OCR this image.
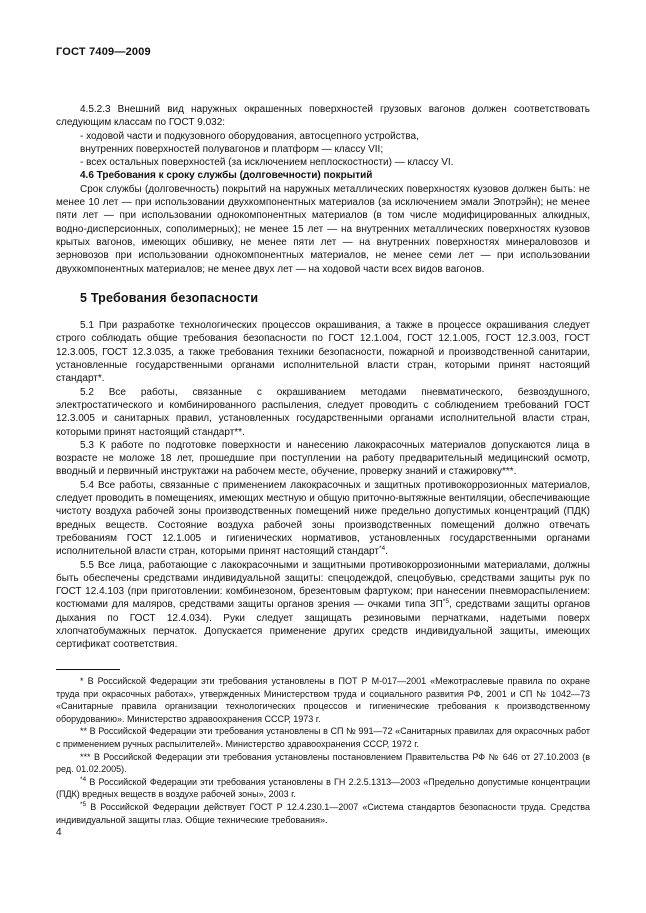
ГОСТ 7409—2009

4.5.2.3 Внешний вид наружных окрашенных поверхностей грузовых вагонов должен соответствовать следующим классам по ГОСТ 9.032:

- ходовой части и подкузовного оборудования, автосцепного устройства,

внутренних поверхностей полувагонов и платформ — классу VII;

- всех остальных поверхностей (за исключением неплоскостности) — классу VI.

4.6 Требования к сроку службы (долговечности) покрытий

Срок службы (долговечность) покрытий на наружных металлических поверхностях кузовов должен быть: не менее 10 лет — при использовании двухкомпонентных материалов (за исключением эмали Эпотрэйн); не менее пяти лет — при использовании однокомпонентных материалов (в том числе модифицированных алкидных, водно-дисперсионных, сополимерных); не менее 15 лет — на внутренних металлических поверхностях кузовов крытых вагонов, имеющих обшивку, не менее пяти лет — на внутренних поверхностях минераловозов и зерновозов при использовании однокомпонентных материалов, не менее семи лет — при использовании двухкомпонентных материалов; не менее двух лет — на ходовой части всех видов вагонов.

5 Требования безопасности

5.1 При разработке технологических процессов окрашивания, а также в процессе окрашивания следует строго соблюдать общие требования безопасности по ГОСТ 12.1.004, ГОСТ 12.1.005, ГОСТ 12.3.003, ГОСТ 12.3.005, ГОСТ 12.3.035, а также требования техники безопасности, пожарной и производственной санитарии, установленные государственными органами исполнительной власти стран, которыми принят настоящий стандарт*.

5.2 Все работы, связанные с окрашиванием методами пневматического, безвоздушного, электростатического и комбинированного распыления, следует проводить с соблюдением требований ГОСТ 12.3.005 и санитарных правил, установленных государственными органами исполнительной власти стран, которыми принят настоящий стандарт**.

5.3 К работе по подготовке поверхности и нанесению лакокрасочных материалов допускаются лица в возрасте не моложе 18 лет, прошедшие при поступлении на работу предварительный медицинский осмотр, вводный и первичный инструктажи на рабочем месте, обучение, проверку знаний и стажировку***.

5.4 Все работы, связанные с применением лакокрасочных и защитных противокоррозионных материалов, следует проводить в помещениях, имеющих местную и общую приточно-вытяжные вентиляции, обеспечивающие чистоту воздуха рабочей зоны производственных помещений ниже предельно допустимых концентраций (ПДК) вредных веществ. Состояние воздуха рабочей зоны производственных помещений должно отвечать требованиям ГОСТ 12.1.005 и гигиенических нормативов, установленных государственными органами исполнительной власти стран, которыми принят настоящий стандарт$^{*4}$.

5.5 Все лица, работающие с лакокрасочными и защитными противокоррозионными материалами, должны быть обеспечены средствами индивидуальной защиты: спецодеждой, спецобувью, средствами защиты рук по ГОСТ 12.4.103 (при приготовлении: комбинезоном, брезентовым фартуком; при нанесении пневмораспылением: костюмами для маляров, средствами защиты органов зрения — очками типа ЗП$^{*5}$, средствами защиты органов дыхания по ГОСТ 12.4.034). Руки следует защищать резиновыми перчатками, надетыми поверх хлопчатобумажных перчаток. Допускается применение других средств индивидуальной защиты, имеющих сертификат соответствия.

* В Российской Федерации эти требования установлены в ПОТ Р М-017—2001 «Межотраслевые правила по охране труда при окрасочных работах», утвержденных Министерством труда и социального развития РФ, 2001 и СП № 1042—73 «Санитарные правила организации технологических процессов и гигиенические требования к производственному оборудованию». Министерство здравоохранения СССР, 1973 г.

** В Российской Федерации эти требования установлены в СП № 991—72 «Санитарных правилах для окрасочных работ с применением ручных распылителей». Министерство здравоохранения СССР, 1972 г.

*** В Российской Федерации эти требования установлены постановлением Правительства РФ № 646 от 27.10.2003 (в ред. 01.02.2005).

$^{*4}$ В Российской Федерации эти требования установлены в ГН 2.2.5.1313—2003 «Предельно допустимые концентрации (ПДК) вредных веществ в воздухе рабочей зоны», 2003 г.

$^{*5}$ В Российской Федерации действует ГОСТ Р 12.4.230.1—2007 «Система стандартов безопасности труда. Средства индивидуальной защиты глаз. Общие технические требования».

4
